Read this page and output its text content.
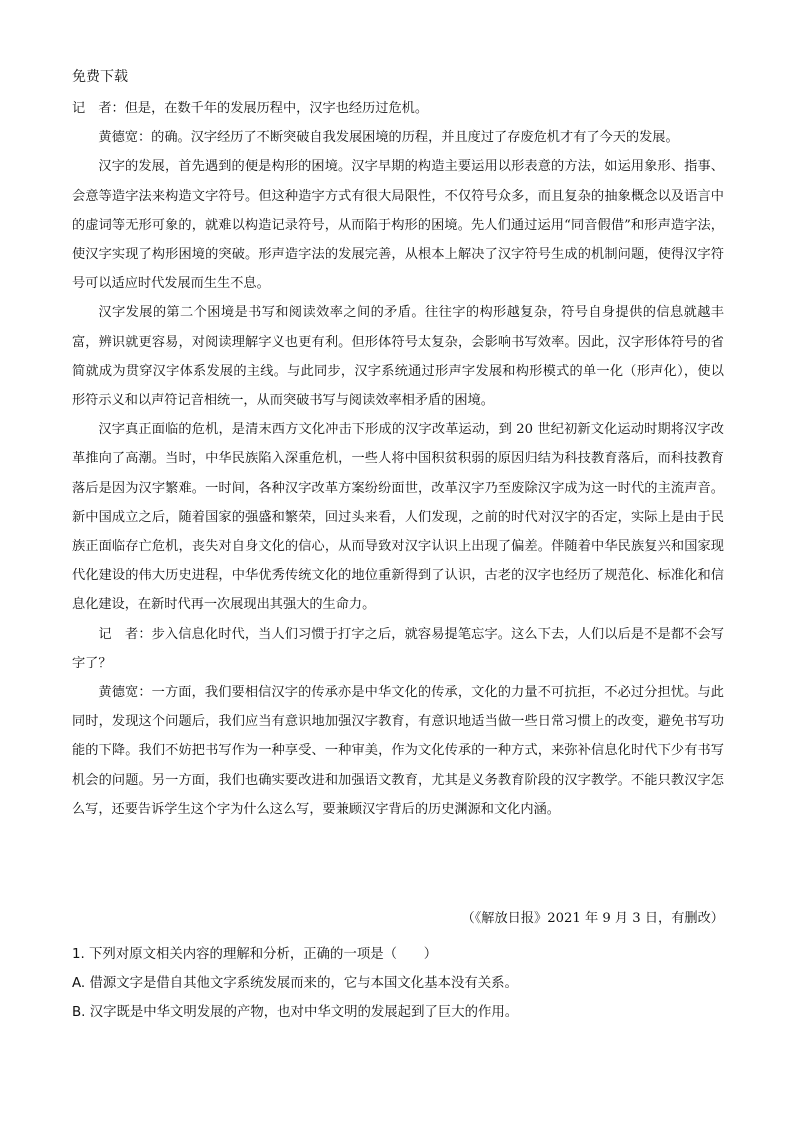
免费下载

记　者：但是，在数千年的发展历程中，汉字也经历过危机。

黄德宽：的确。汉字经历了不断突破自我发展困境的历程，并且度过了存废危机才有了今天的发展。

汉字的发展，首先遇到的便是构形的困境。汉字早期的构造主要运用以形表意的方法，如运用象形、指事、会意等造字法来构造文字符号。但这种造字方式有很大局限性，不仅符号众多，而且复杂的抽象概念以及语言中的虚词等无形可象的，就难以构造记录符号，从而陷于构形的困境。先人们通过运用“同音假借”和形声造字法，使汉字实现了构形困境的突破。形声造字法的发展完善，从根本上解决了汉字符号生成的机制问题，使得汉字符号可以适应时代发展而生生不息。

汉字发展的第二个困境是书写和阅读效率之间的矛盾。往往字的构形越复杂，符号自身提供的信息就越丰富，辨识就更容易，对阅读理解字义也更有利。但形体符号太复杂，会影响书写效率。因此，汉字形体符号的省简就成为贯穿汉字体系发展的主线。与此同步，汉字系统通过形声字发展和构形模式的单一化（形声化），使以形符示义和以声符记音相统一，从而突破书写与阅读效率相矛盾的困境。

汉字真正面临的危机，是清末西方文化冲击下形成的汉字改革运动，到 20 世纪初新文化运动时期将汉字改革推向了高潮。当时，中华民族陷入深重危机，一些人将中国积贫积弱的原因归结为科技教育落后，而科技教育落后是因为汉字繁难。一时间，各种汉字改革方案纷纷面世，改革汉字乃至废除汉字成为这一时代的主流声音。新中国成立之后，随着国家的强盛和繁荣，回过头来看，人们发现，之前的时代对汉字的否定，实际上是由于民族正面临存亡危机，丧失对自身文化的信心，从而导致对汉字认识上出现了偏差。伴随着中华民族复兴和国家现代化建设的伟大历史进程，中华优秀传统文化的地位重新得到了认识，古老的汉字也经历了规范化、标准化和信息化建设，在新时代再一次展现出其强大的生命力。

记　者：步入信息化时代，当人们习惯于打字之后，就容易提笔忘字。这么下去，人们以后是不是都不会写字了？

黄德宽：一方面，我们要相信汉字的传承亦是中华文化的传承，文化的力量不可抗拒，不必过分担忧。与此同时，发现这个问题后，我们应当有意识地加强汉字教育，有意识地适当做一些日常习惯上的改变，避免书写功能的下降。我们不妨把书写作为一种享受、一种审美，作为文化传承的一种方式，来弥补信息化时代下少有书写机会的问题。另一方面，我们也确实要改进和加强语文教育，尤其是义务教育阶段的汉字教学。不能只教汉字怎么写，还要告诉学生这个字为什么这么写，要兼顾汉字背后的历史渊源和文化内涵。

（《解放日报》2021 年 9 月 3 日，有删改）
1. 下列对原文相关内容的理解和分析，正确的一项是（　　）
A. 借源文字是借自其他文字系统发展而来的，它与本国文化基本没有关系。
B. 汉字既是中华文明发展的产物，也对中华文明的发展起到了巨大的作用。
